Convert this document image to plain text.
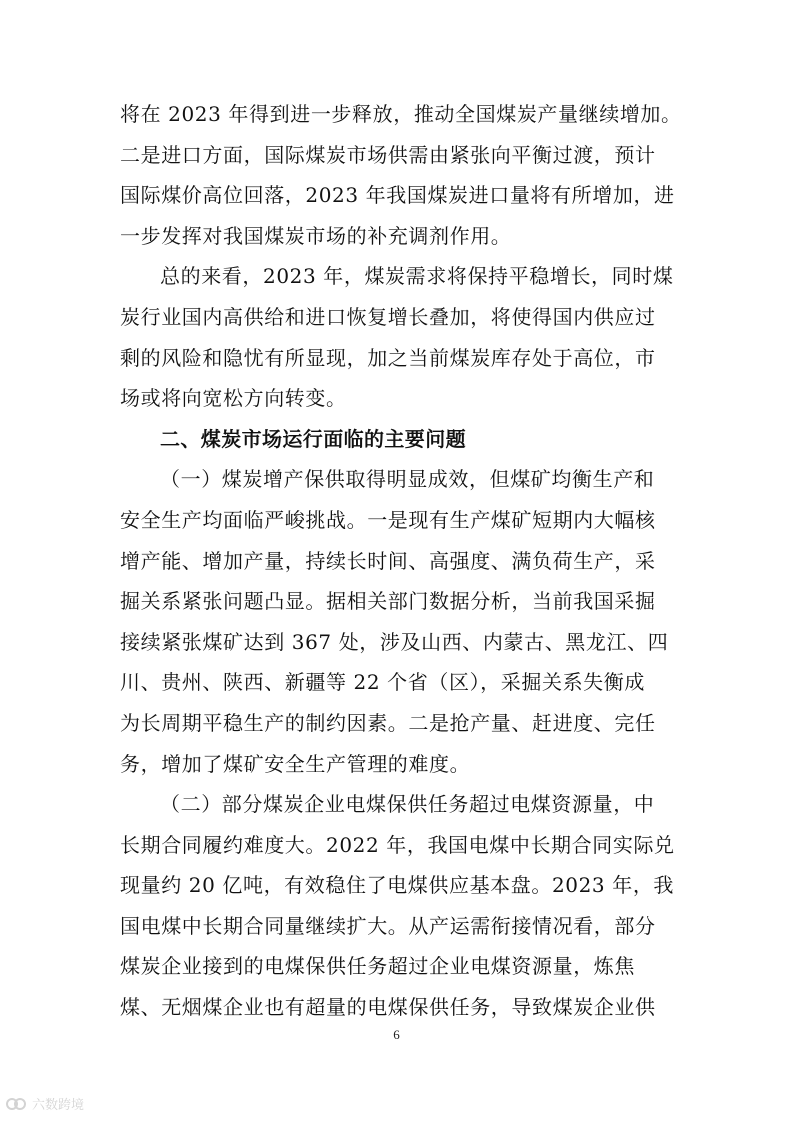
将在 2023 年得到进一步释放，推动全国煤炭产量继续增加。
二是进口方面，国际煤炭市场供需由紧张向平衡过渡，预计
国际煤价高位回落，2023 年我国煤炭进口量将有所增加，进
一步发挥对我国煤炭市场的补充调剂作用。
总的来看，2023 年，煤炭需求将保持平稳增长，同时煤
炭行业国内高供给和进口恢复增长叠加，将使得国内供应过
剩的风险和隐忧有所显现，加之当前煤炭库存处于高位，市
场或将向宽松方向转变。
二、煤炭市场运行面临的主要问题
（一）煤炭增产保供取得明显成效，但煤矿均衡生产和
安全生产均面临严峻挑战。一是现有生产煤矿短期内大幅核
增产能、增加产量，持续长时间、高强度、满负荷生产，采
掘关系紧张问题凸显。据相关部门数据分析，当前我国采掘
接续紧张煤矿达到 367 处，涉及山西、内蒙古、黑龙江、四
川、贵州、陕西、新疆等 22 个省（区），采掘关系失衡成
为长周期平稳生产的制约因素。二是抢产量、赶进度、完任
务，增加了煤矿安全生产管理的难度。
（二）部分煤炭企业电煤保供任务超过电煤资源量，中
长期合同履约难度大。2022 年，我国电煤中长期合同实际兑
现量约 20 亿吨，有效稳住了电煤供应基本盘。2023 年，我
国电煤中长期合同量继续扩大。从产运需衔接情况看，部分
煤炭企业接到的电煤保供任务超过企业电煤资源量，炼焦
煤、无烟煤企业也有超量的电煤保供任务，导致煤炭企业供
6
六数跨境
